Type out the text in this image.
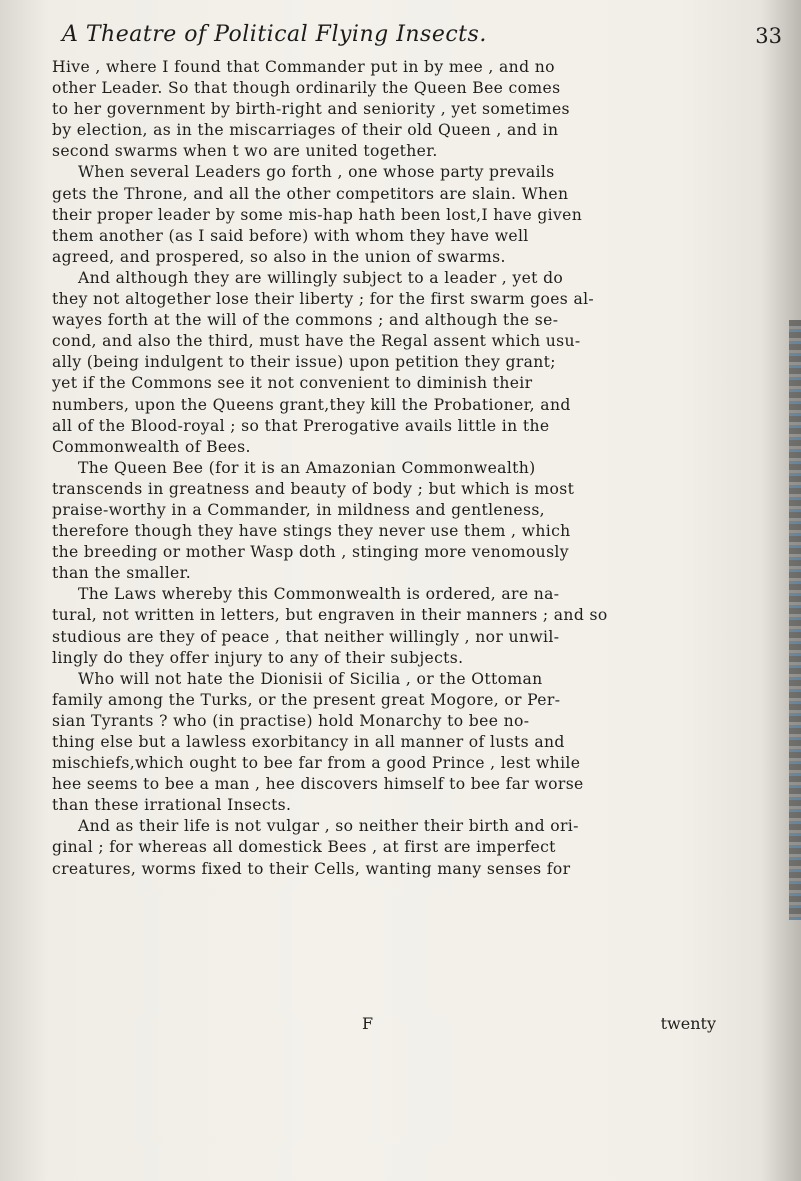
A Theatre of Political Flying Insects.	33
Hive , where I found that Commander put in by mee , and no
other Leader. So that though ordinarily the Queen Bee comes
to her government by birth-right and seniority , yet sometimes
by election, as in the miscarriages of their old Queen , and in
second swarms when t wo are united together.
When several Leaders go forth , one whose party prevails
gets the Throne, and all the other competitors are slain. When
their proper leader by some mis-hap hath been lost,I have given
them another (as I said before) with whom they have well
agreed, and prospered, so also in the union of swarms.
And although they are willingly subject to a leader , yet do
they not altogether lose their liberty ; for the first swarm goes al-
wayes forth at the will of the commons ; and although the se-
cond, and also the third, must have the Regal assent which usu-
ally (being indulgent to their issue) upon petition they grant;
yet if the Commons see it not convenient to diminish their
numbers, upon the Queens grant,they kill the Probationer, and
all of the Blood-royal ; so that Prerogative avails little in the
Commonwealth of Bees.
The Queen Bee (for it is an Amazonian Commonwealth)
transcends in greatness and beauty of body ; but which is most
praise-worthy in a Commander, in mildness and gentleness,
therefore though they have stings they never use them , which
the breeding or mother Wasp doth , stinging more venomously
than the smaller.
The Laws whereby this Commonwealth is ordered, are na-
tural, not written in letters, but engraven in their manners ; and so
studious are they of peace , that neither willingly , nor unwil-
lingly do they offer injury to any of their subjects.
Who will not hate the Dionisii of Sicilia , or the Ottoman
family among the Turks, or the present great Mogore, or Per-
sian Tyrants ? who (in practise) hold Monarchy to bee no-
thing else but a lawless exorbitancy in all manner of lusts and
mischiefs,which ought to bee far from a good Prince , lest while
hee seems to bee a man , hee discovers himself to bee far worse
than these irrational Insects.
And as their life is not vulgar , so neither their birth and ori-
ginal ; for whereas all domestick Bees , at first are imperfect
creatures, worms fixed to their Cells, wanting many senses for
F	twenty
